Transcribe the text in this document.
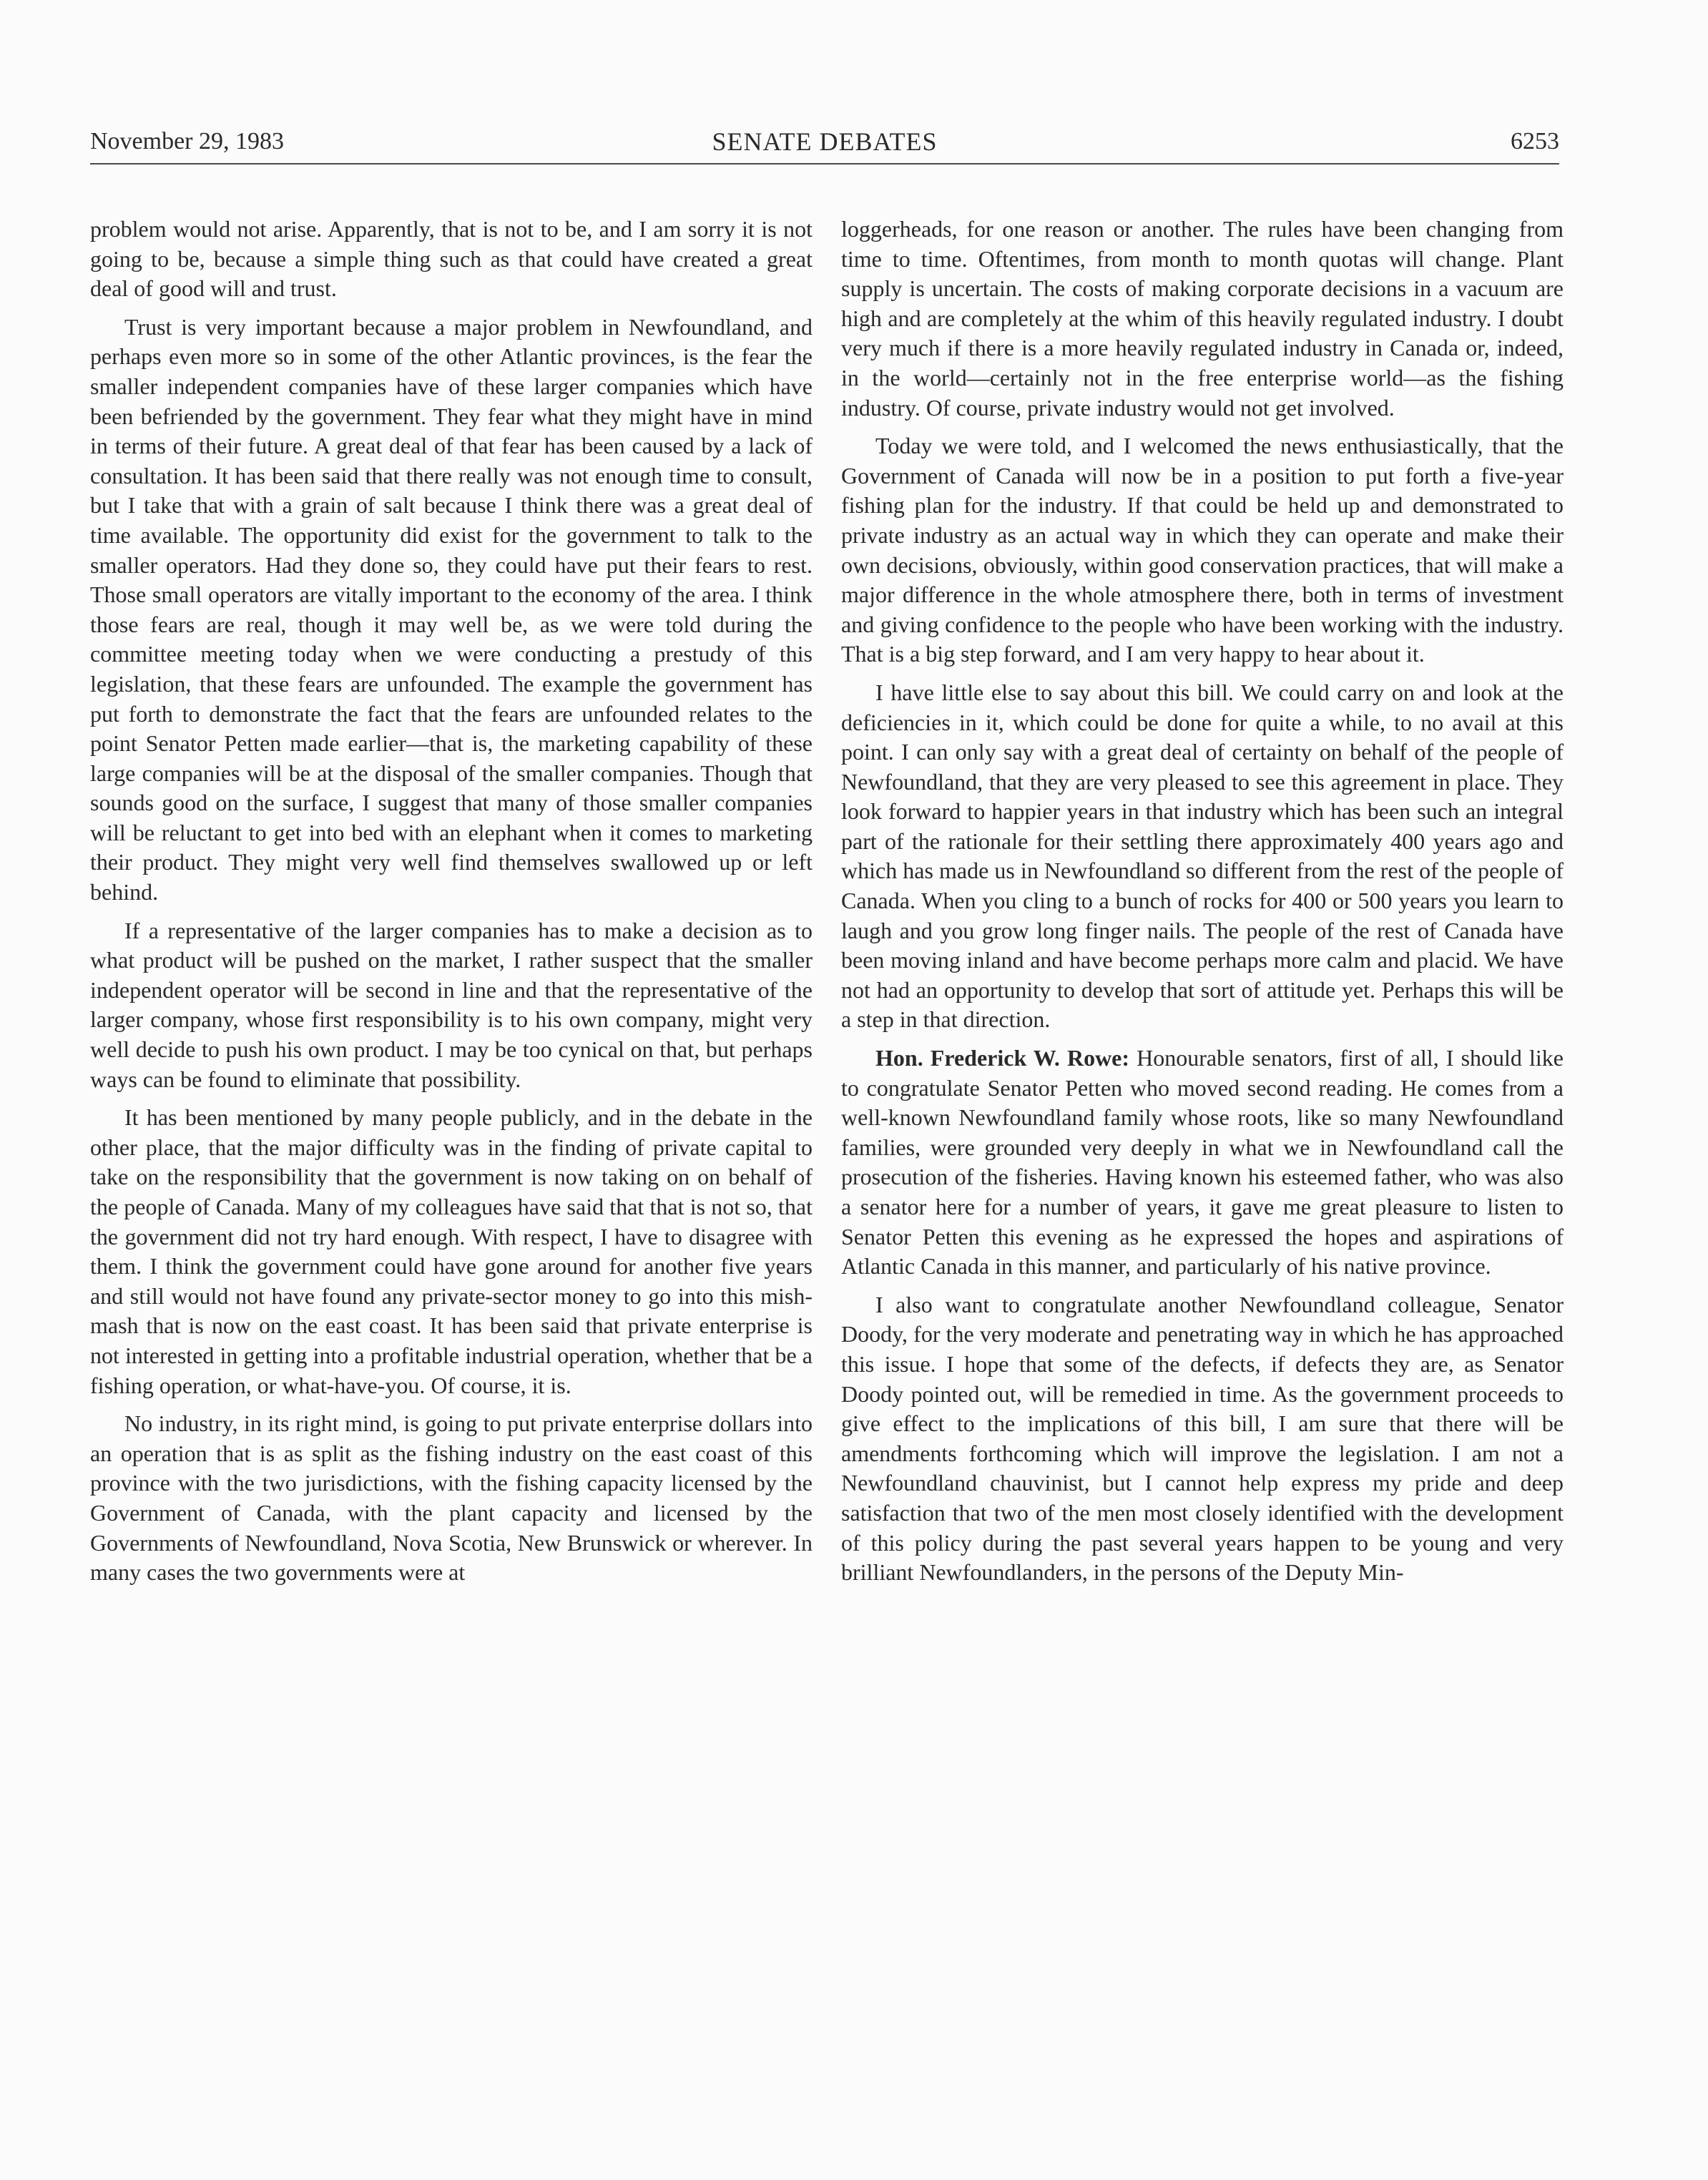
November 29, 1983	SENATE DEBATES	6253

problem would not arise. Apparently, that is not to be, and I am sorry it is not going to be, because a simple thing such as that could have created a great deal of good will and trust.

Trust is very important because a major problem in Newfoundland, and perhaps even more so in some of the other Atlantic provinces, is the fear the smaller independent companies have of these larger companies which have been befriended by the government. They fear what they might have in mind in terms of their future. A great deal of that fear has been caused by a lack of consultation. It has been said that there really was not enough time to consult, but I take that with a grain of salt because I think there was a great deal of time available. The opportunity did exist for the government to talk to the smaller operators. Had they done so, they could have put their fears to rest. Those small operators are vitally important to the economy of the area. I think those fears are real, though it may well be, as we were told during the committee meeting today when we were conducting a prestudy of this legislation, that these fears are unfounded. The example the government has put forth to demonstrate the fact that the fears are unfounded relates to the point Senator Petten made earlier—that is, the marketing capability of these large companies will be at the disposal of the smaller companies. Though that sounds good on the surface, I suggest that many of those smaller companies will be reluctant to get into bed with an elephant when it comes to marketing their product. They might very well find themselves swallowed up or left behind.

If a representative of the larger companies has to make a decision as to what product will be pushed on the market, I rather suspect that the smaller independent operator will be second in line and that the representative of the larger company, whose first responsibility is to his own company, might very well decide to push his own product. I may be too cynical on that, but perhaps ways can be found to eliminate that possibility.

It has been mentioned by many people publicly, and in the debate in the other place, that the major difficulty was in the finding of private capital to take on the responsibility that the government is now taking on on behalf of the people of Canada. Many of my colleagues have said that that is not so, that the government did not try hard enough. With respect, I have to disagree with them. I think the government could have gone around for another five years and still would not have found any private-sector money to go into this mish-mash that is now on the east coast. It has been said that private enterprise is not interested in getting into a profitable industrial operation, whether that be a fishing operation, or what-have-you. Of course, it is.

No industry, in its right mind, is going to put private enterprise dollars into an operation that is as split as the fishing industry on the east coast of this province with the two jurisdictions, with the fishing capacity licensed by the Government of Canada, with the plant capacity and licensed by the Governments of Newfoundland, Nova Scotia, New Brunswick or wherever. In many cases the two governments were at

loggerheads, for one reason or another. The rules have been changing from time to time. Oftentimes, from month to month quotas will change. Plant supply is uncertain. The costs of making corporate decisions in a vacuum are high and are completely at the whim of this heavily regulated industry. I doubt very much if there is a more heavily regulated industry in Canada or, indeed, in the world—certainly not in the free enterprise world—as the fishing industry. Of course, private industry would not get involved.

Today we were told, and I welcomed the news enthusiastically, that the Government of Canada will now be in a position to put forth a five-year fishing plan for the industry. If that could be held up and demonstrated to private industry as an actual way in which they can operate and make their own decisions, obviously, within good conservation practices, that will make a major difference in the whole atmosphere there, both in terms of investment and giving confidence to the people who have been working with the industry. That is a big step forward, and I am very happy to hear about it.

I have little else to say about this bill. We could carry on and look at the deficiencies in it, which could be done for quite a while, to no avail at this point. I can only say with a great deal of certainty on behalf of the people of Newfoundland, that they are very pleased to see this agreement in place. They look forward to happier years in that industry which has been such an integral part of the rationale for their settling there approximately 400 years ago and which has made us in Newfoundland so different from the rest of the people of Canada. When you cling to a bunch of rocks for 400 or 500 years you learn to laugh and you grow long finger nails. The people of the rest of Canada have been moving inland and have become perhaps more calm and placid. We have not had an opportunity to develop that sort of attitude yet. Perhaps this will be a step in that direction.

Hon. Frederick W. Rowe: Honourable senators, first of all, I should like to congratulate Senator Petten who moved second reading. He comes from a well-known Newfoundland family whose roots, like so many Newfoundland families, were grounded very deeply in what we in Newfoundland call the prosecution of the fisheries. Having known his esteemed father, who was also a senator here for a number of years, it gave me great pleasure to listen to Senator Petten this evening as he expressed the hopes and aspirations of Atlantic Canada in this manner, and particularly of his native province.

I also want to congratulate another Newfoundland colleague, Senator Doody, for the very moderate and penetrating way in which he has approached this issue. I hope that some of the defects, if defects they are, as Senator Doody pointed out, will be remedied in time. As the government proceeds to give effect to the implications of this bill, I am sure that there will be amendments forthcoming which will improve the legislation. I am not a Newfoundland chauvinist, but I cannot help express my pride and deep satisfaction that two of the men most closely identified with the development of this policy during the past several years happen to be young and very brilliant Newfoundlanders, in the persons of the Deputy Min-
